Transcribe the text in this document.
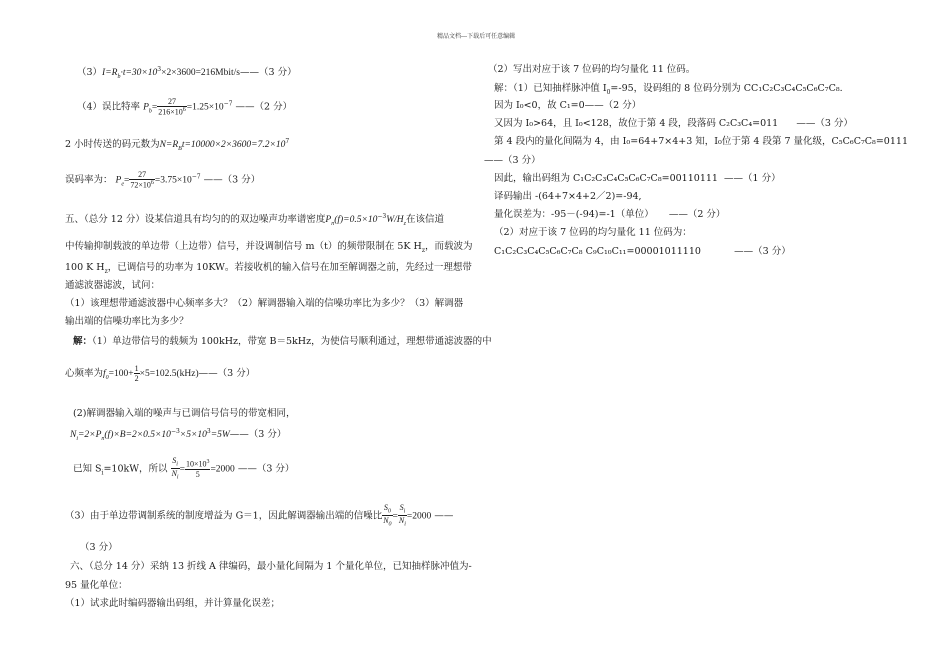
精品文档---下载后可任意编辑
$(3)I=R_b\cdot t=30\times 10^3\times 2\times 3600=216Mbit/s——(3$ 分）
（4）误比特率 $P_b= \frac{27}{216\times 10^6} =1.25\times 10^{-7}$ ——（2 分）
2 小时传送的码元数为$N=R_Bt=10000\times 2\times 3600=7.2\times 10^7$
误码率为： $P_e= \frac{27}{72\times 10^6} =3.75\times 10^{-7}$ ——（3 分）
五、（总分 12 分）设某信道具有均匀的的双边噪声功率谱密度$P_n(f)=0.5\times 10^{-3}W/H_z$在该信道
中传输抑制载波的单边带（上边带）信号，并设调制信号 m（t）的频带限制在 5K $H_z$，而载波为
100 K $H_z$，已调信号的功率为 10KW。若接收机的输入信号在加至解调器之前，先经过一理想带
通滤波器滤波，试问：
（1）该理想带通滤波器中心频率多大？（2）解调器输入端的信噪功率比为多少？（3）解调器
输出端的信噪功率比为多少？
解：（1）单边带信号的载频为 100kHz，带宽 B＝5kHz，为使信号顺利通过，理想带通滤波器的中
心频率为$f_0=100+ \frac{1}{2}$ ×5=102.5(kHz)——（3 分）
(2)解调器输入端的噪声与已调信号信号的带宽相同，
$N_i=2\times P_n(f)\times B=2\times 0.5\times 10^{-3}\times 5\times 10^3=5W——(3$ 分）
已知 $S_i=10kW$，所以 $\frac{S_i}{N_i} = \frac{10\times 10^3}{5} =2000$ ——（3 分）
（3）由于单边带调制系统的制度增益为 G＝1，因此解调器输出端的信噪比 $\frac{S_0}{N_0} = \frac{S_i}{N_i} =2000$ ——
（3 分）
六、（总分 14 分）采纳 13 折线 A 律编码，最小量化间隔为 1 个量化单位，已知抽样脉冲值为-
95 量化单位：
（1）试求此时编码器输出码组，并计算量化误差；
（2）写出对应于该 7 位码的均匀量化 11 位码。
解：（1）已知抽样脉冲值 $I_0=-95$，设码组的 8 位码分别为 CC₁C₂C₃C₄C₅C₆C₇C₈.
因为 I₀<0，故 C₁=0——（2 分）
又因为 I₀>64，且 I₀<128，故位于第 4 段，段落码 C₂C₃C₄=011 ——（3 分）
第 4 段内的量化间隔为 4，由 I₀=64+7×4+3 知，I₀位于第 4 段第 7 量化级，C₅C₆C₇C₈=0111
——（3 分）
因此，输出码组为 C₁C₂C₃C₄C₅C₆C₇C₈=00110111 ——（1 分）
译码输出 -(64+7×4+2／2)=-94,
量化误差为：-95－(-94)=-1（单位） ——（2 分）
（2）对应于该 7 位码的均匀量化 11 位码为：
C₁C₂C₃C₄C₅C₆C₇C₈ C₉C₁₀C₁₁=00001011110	——（3 分）
